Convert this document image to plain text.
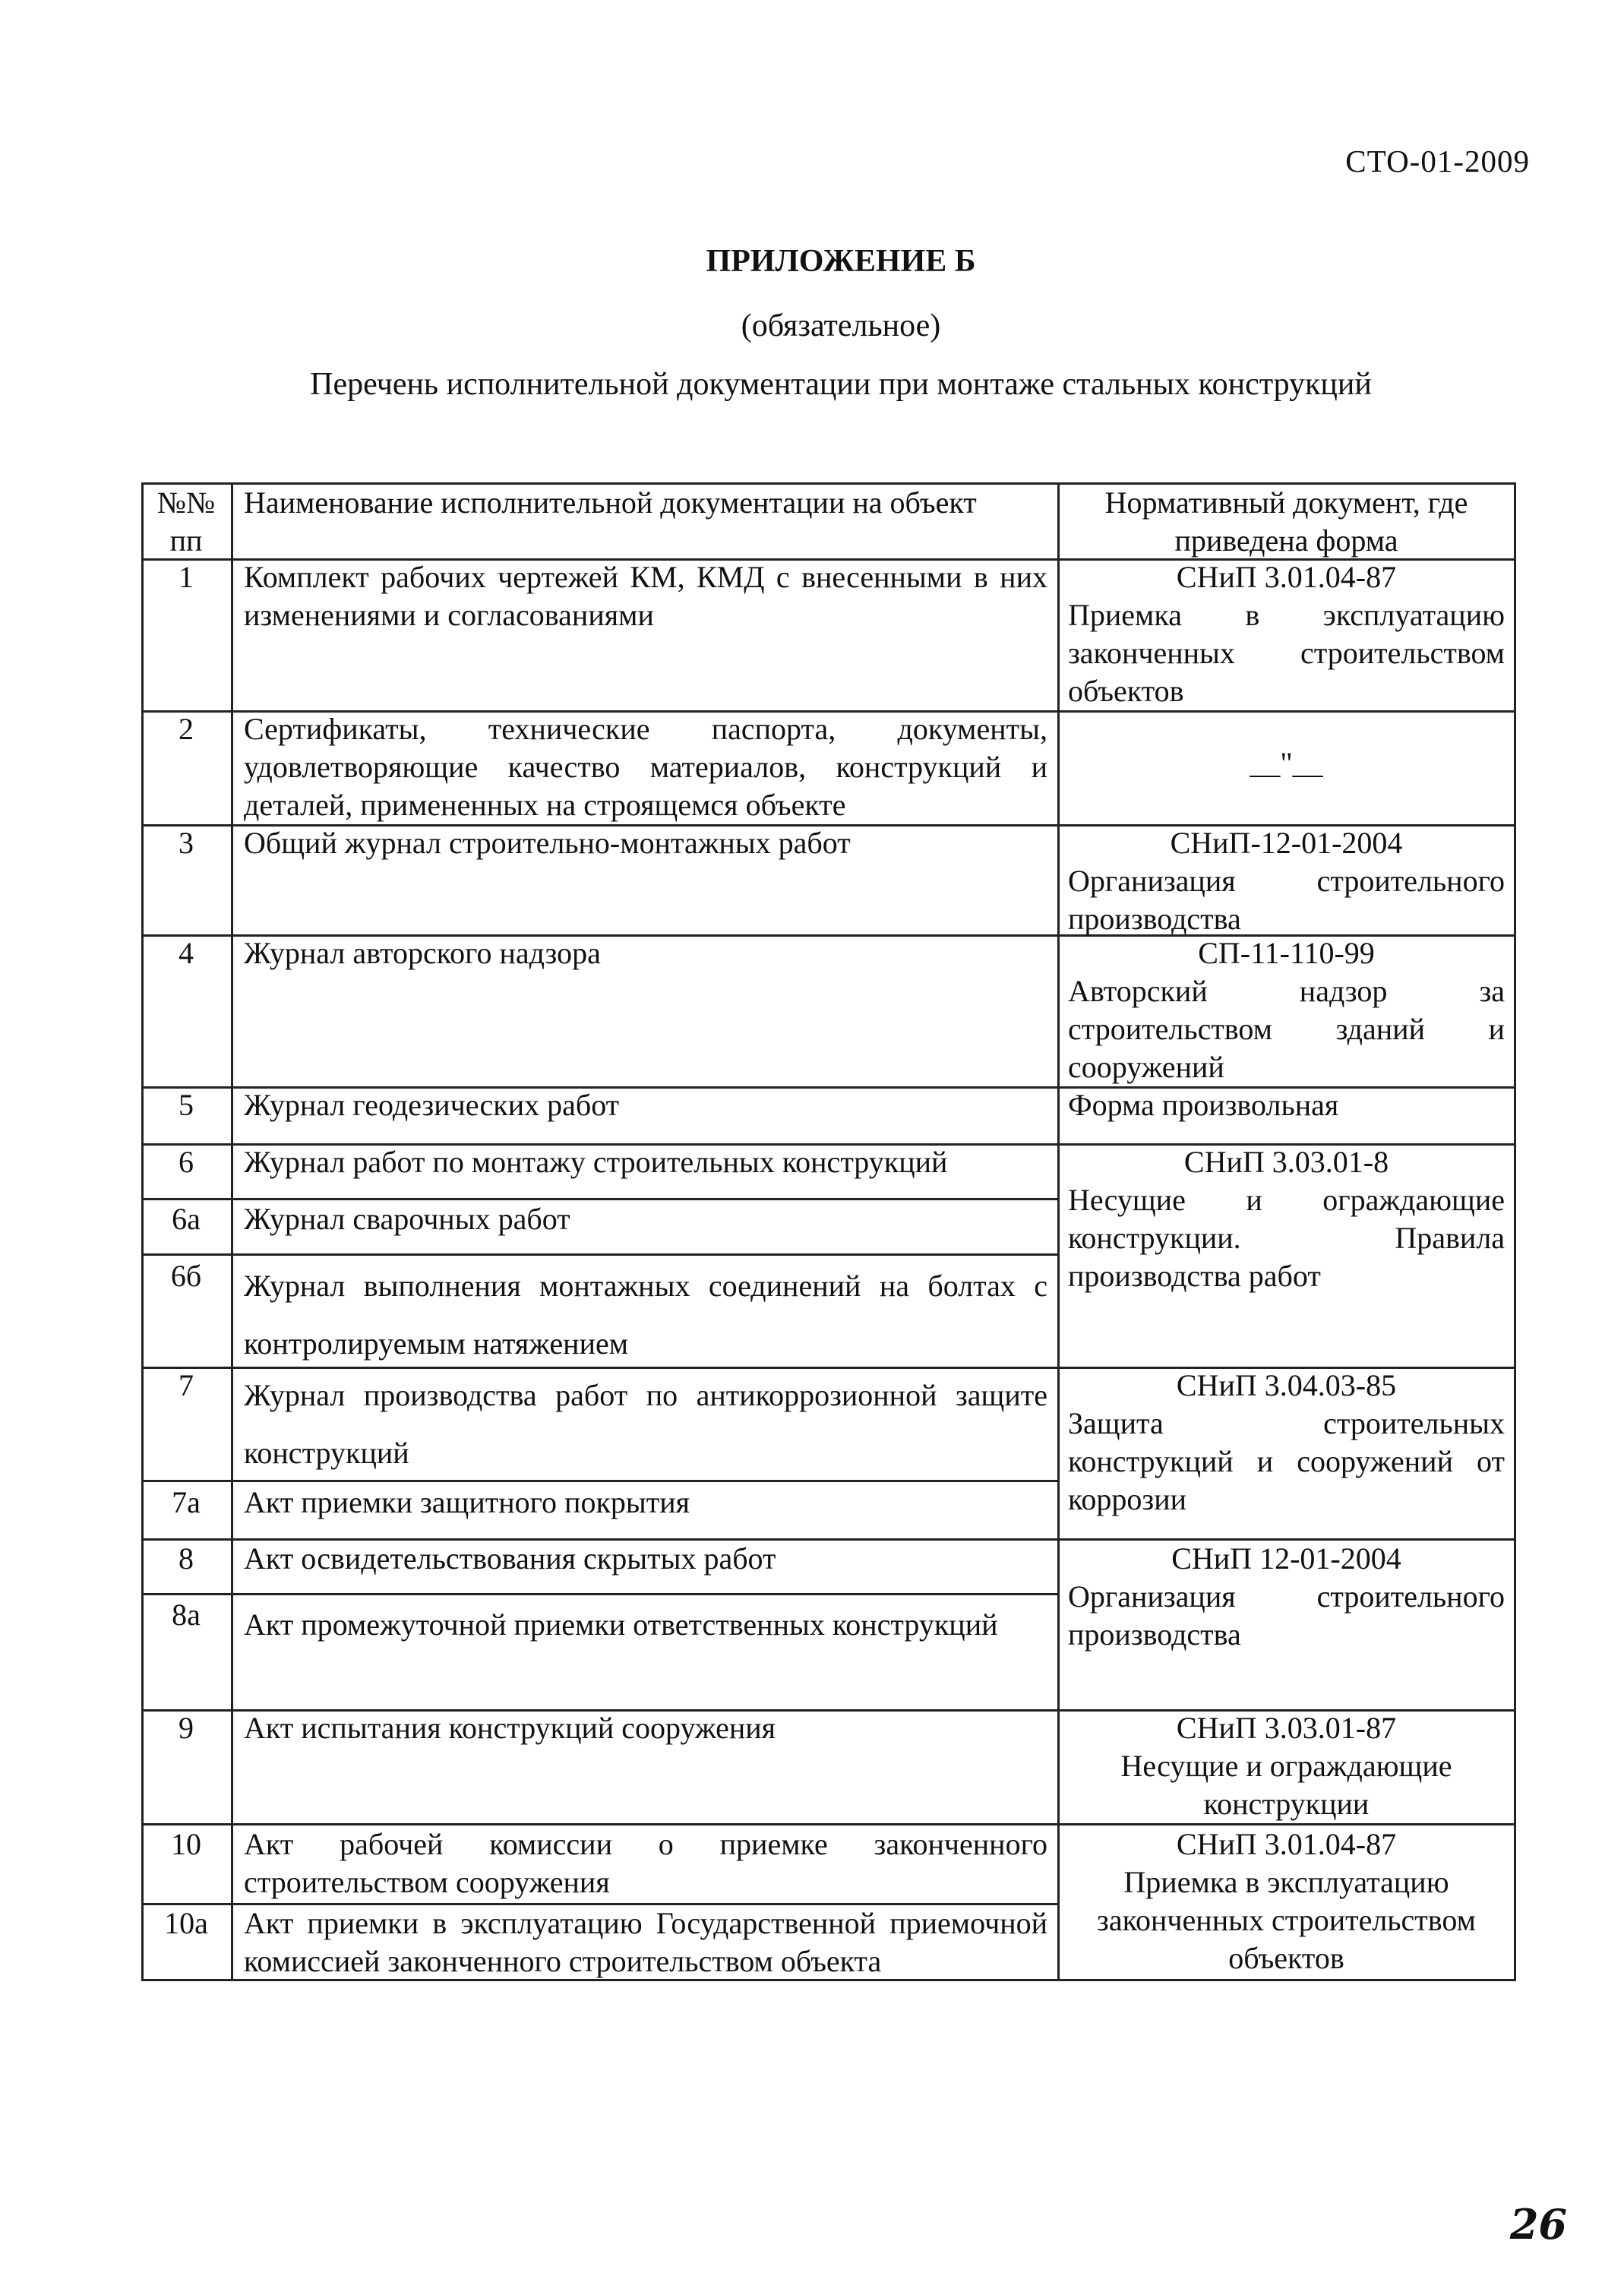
СТО-01-2009
ПРИЛОЖЕНИЕ Б
(обязательное)
Перечень исполнительной документации при монтаже стальных конструкций
№№ пп
Наименование исполнительной документации на объект	Нормативный документ, где приведена форма
1
2
3
4
5
6
6а
6б
7
7а
8
8а
9
10
10а
Комплект рабочих чертежей КМ, КМД с внесенными в них изменениями и согласованиями
Сертификаты, технические паспорта, документы, удовлетворяющие качество материалов, конструкций и деталей, примененных на строящемся объекте
Общий журнал строительно-монтажных работ
Журнал авторского надзора
Журнал геодезических работ
Журнал работ по монтажу строительных конструкций
Журнал сварочных работ
Журнал выполнения монтажных соединений на болтах с контролируемым натяжением
Журнал производства работ по антикоррозионной защите конструкций
Акт приемки защитного покрытия
Акт освидетельствования скрытых работ
Акт промежуточной приемки ответственных конструкций
Акт испытания конструкций сооружения
Акт рабочей комиссии о приемке законченного строительством сооружения
Акт приемки в эксплуатацию Государственной приемочной комиссией законченного строительством объекта
СНиП 3.01.04-87
Приемка в эксплуатацию законченных строительством объектов
__"__
СНиП-12-01-2004
Организация строительного производства
СП-11-110-99
Авторский надзор за строительством зданий и сооружений
Форма произвольная
СНиП 3.03.01-8
Несущие и ограждающие конструкции. Правила производства работ
СНиП 3.04.03-85
Защита строительных конструкций и сооружений от коррозии
СНиП 12-01-2004
Организация строительного производства
СНиП 3.03.01-87
Несущие и ограждающие конструкции
СНиП 3.01.04-87
Приемка в эксплуатацию законченных строительством объектов
26
